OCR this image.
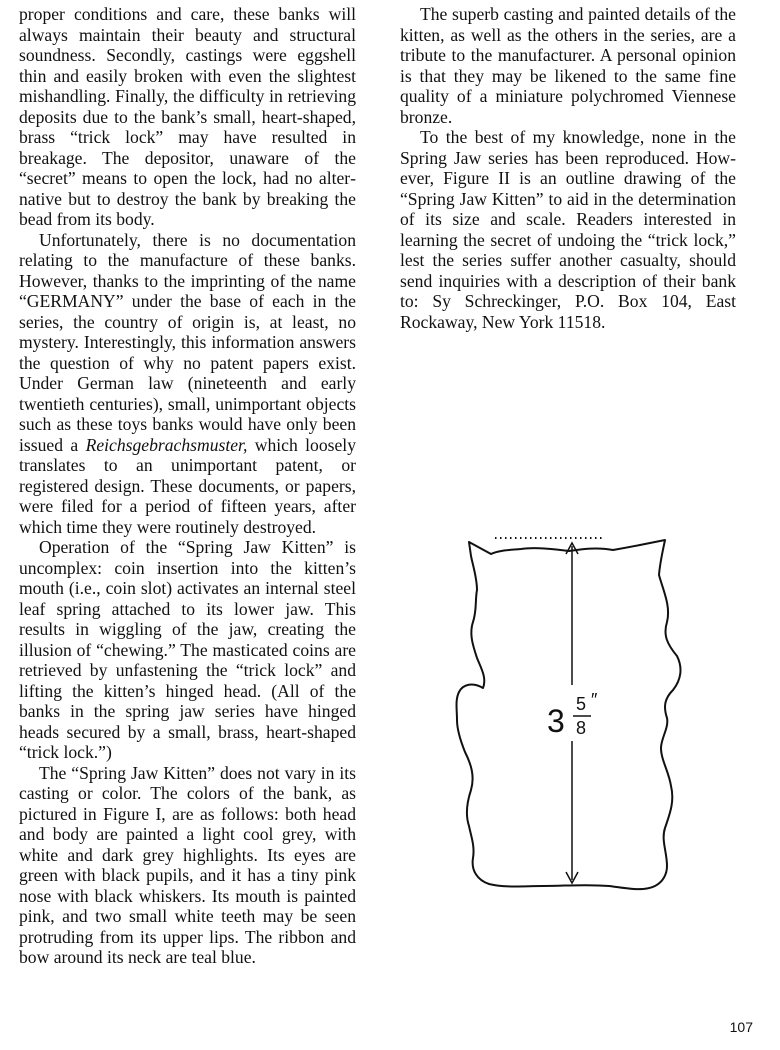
proper conditions and care, these banks will always maintain their beauty and structural soundness. Secondly, castings were eggshell thin and easily broken with even the slightest mishandling. Finally, the difficulty in retrieving deposits due to the bank’s small, heart-shaped, brass “trick lock” may have resulted in breakage. The depositor, unaware of the “secret” means to open the lock, had no alternative but to destroy the bank by breaking the bead from its body.

Unfortunately, there is no documentation relating to the manufacture of these banks. However, thanks to the imprinting of the name “GERMANY” under the base of each in the series, the country of origin is, at least, no mystery. Interestingly, this information answers the question of why no patent papers exist. Under German law (nineteenth and early twentieth centuries), small, unimportant objects such as these toys banks would have only been issued a Reichsgebrachsmuster, which loosely translates to an unimportant patent, or registered design. These documents, or papers, were filed for a period of fifteen years, after which time they were routinely destroyed.

Operation of the “Spring Jaw Kitten” is uncomplex: coin insertion into the kitten’s mouth (i.e., coin slot) activates an internal steel leaf spring attached to its lower jaw. This results in wiggling of the jaw, creating the illusion of “chewing.” The masticated coins are retrieved by unfastening the “trick lock” and lifting the kitten’s hinged head. (All of the banks in the spring jaw series have hinged heads secured by a small, brass, heart-shaped “trick lock.”)

The “Spring Jaw Kitten” does not vary in its casting or color. The colors of the bank, as pictured in Figure I, are as follows: both head and body are painted a light cool grey, with white and dark grey highlights. Its eyes are green with black pupils, and it has a tiny pink nose with black whiskers. Its mouth is painted pink, and two small white teeth may be seen protruding from its upper lips. The ribbon and bow around its neck are teal blue.

The superb casting and painted details of the kitten, as well as the others in the series, are a tribute to the manufacturer. A personal opinion is that they may be likened to the same fine quality of a miniature polychromed Viennese bronze.

To the best of my knowledge, none in the Spring Jaw series has been reproduced. However, Figure II is an outline drawing of the “Spring Jaw Kitten” to aid in the determination of its size and scale. Readers interested in learning the secret of undoing the “trick lock,” lest the series suffer another casualty, should send inquiries with a description of their bank to: Sy Schreckinger, P.O. Box 104, East Rockaway, New York 11518.

3 5
8
″
107
